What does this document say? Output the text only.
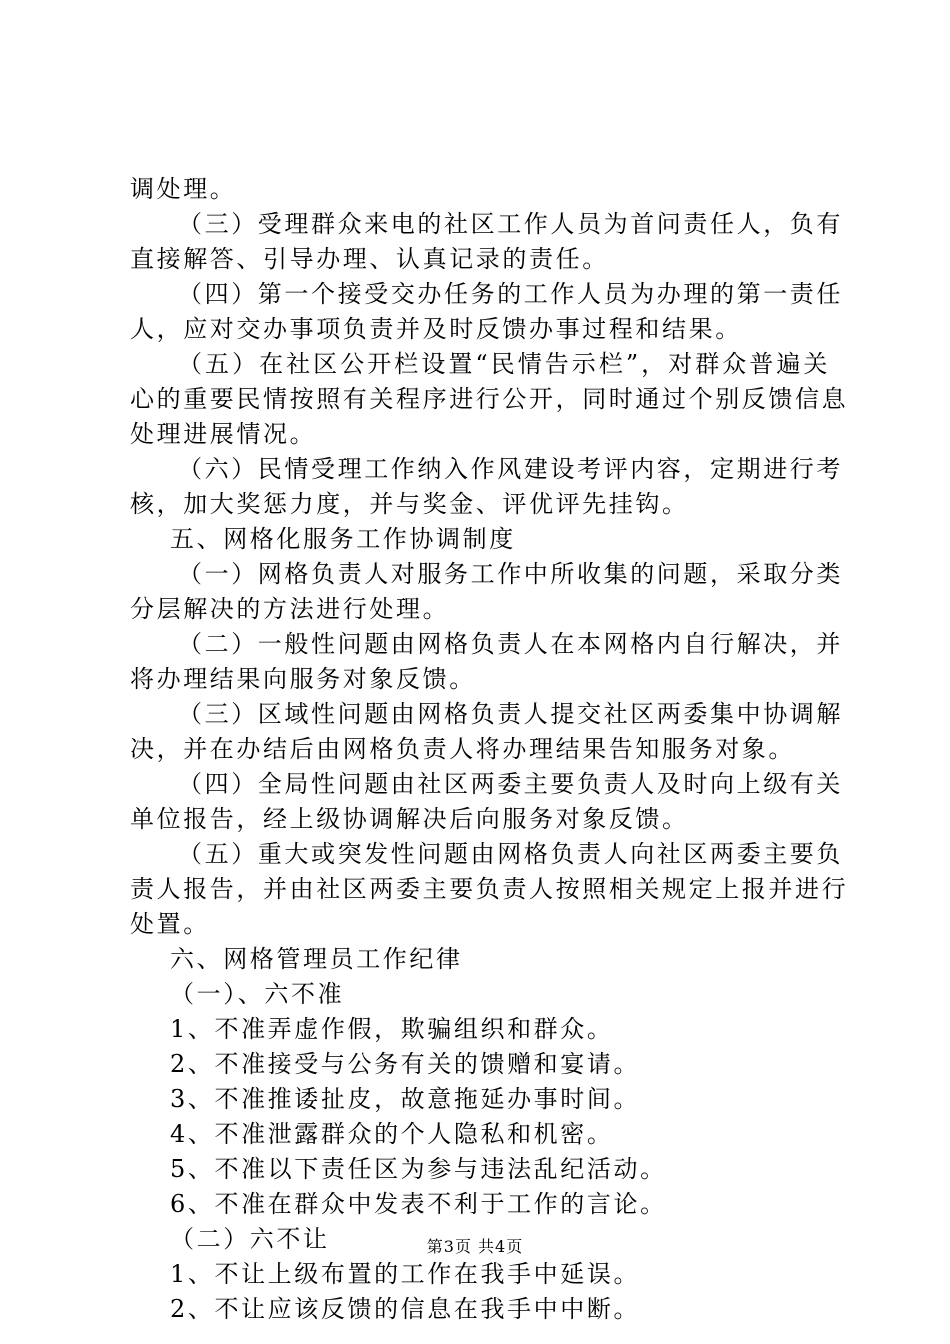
调处理。
（三）受理群众来电的社区工作人员为首问责任人，负有
直接解答、引导办理、认真记录的责任。
（四）第一个接受交办任务的工作人员为办理的第一责任
人，应对交办事项负责并及时反馈办事过程和结果。
（五）在社区公开栏设置“民情告示栏”，对群众普遍关
心的重要民情按照有关程序进行公开，同时通过个别反馈信息
处理进展情况。
（六）民情受理工作纳入作风建设考评内容，定期进行考
核，加大奖惩力度，并与奖金、评优评先挂钩。
五、网格化服务工作协调制度
（一）网格负责人对服务工作中所收集的问题，采取分类
分层解决的方法进行处理。
（二）一般性问题由网格负责人在本网格内自行解决，并
将办理结果向服务对象反馈。
（三）区域性问题由网格负责人提交社区两委集中协调解
决，并在办结后由网格负责人将办理结果告知服务对象。
（四）全局性问题由社区两委主要负责人及时向上级有关
单位报告，经上级协调解决后向服务对象反馈。
（五）重大或突发性问题由网格负责人向社区两委主要负
责人报告，并由社区两委主要负责人按照相关规定上报并进行
处置。
六、网格管理员工作纪律
（一）、六不准
1、不准弄虚作假，欺骗组织和群众。
2、不准接受与公务有关的馈赠和宴请。
3、不准推诿扯皮，故意拖延办事时间。
4、不准泄露群众的个人隐私和机密。
5、不准以下责任区为参与违法乱纪活动。
6、不准在群众中发表不利于工作的言论。
（二）六不让
1、不让上级布置的工作在我手中延误。
2、不让应该反馈的信息在我手中中断。
第3页 共4页
